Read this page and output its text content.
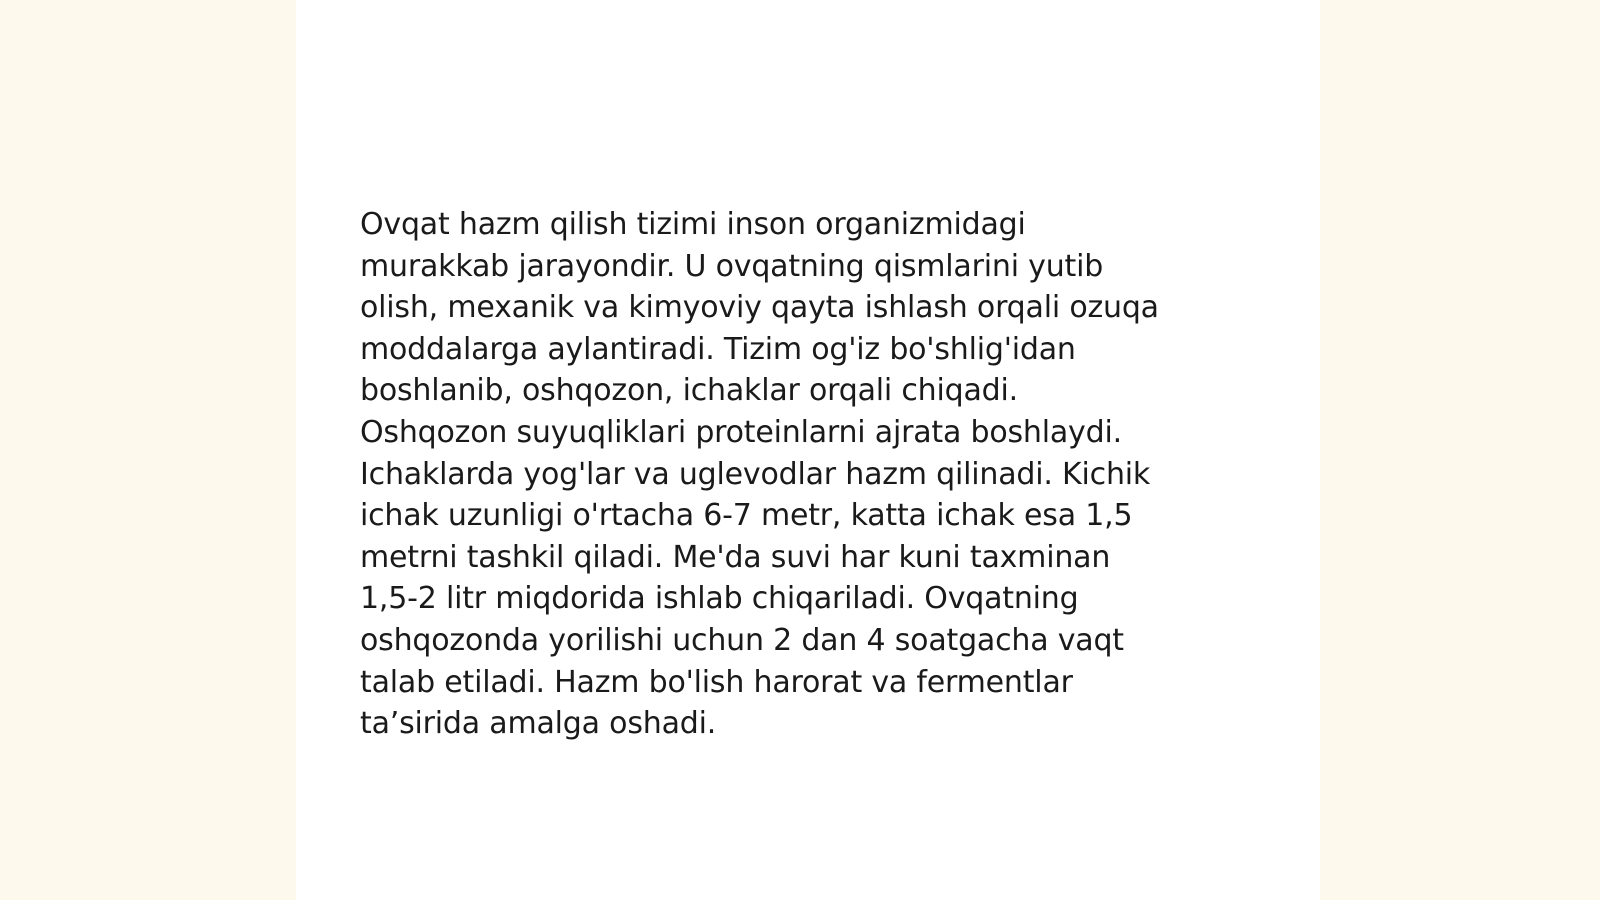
Ovqat hazm qilish tizimi inson organizmidagi
murakkab jarayondir. U ovqatning qismlarini yutib
olish, mexanik va kimyoviy qayta ishlash orqali ozuqa
moddalarga aylantiradi. Tizim og'iz bo'shlig'idan
boshlanib, oshqozon, ichaklar orqali chiqadi.
Oshqozon suyuqliklari proteinlarni ajrata boshlaydi.
Ichaklarda yog'lar va uglevodlar hazm qilinadi. Kichik
ichak uzunligi o'rtacha 6-7 metr, katta ichak esa 1,5
metrni tashkil qiladi. Me'da suvi har kuni taxminan
1,5-2 litr miqdorida ishlab chiqariladi. Ovqatning
oshqozonda yorilishi uchun 2 dan 4 soatgacha vaqt
talab etiladi. Hazm bo'lish harorat va fermentlar
ta’sirida amalga oshadi.
